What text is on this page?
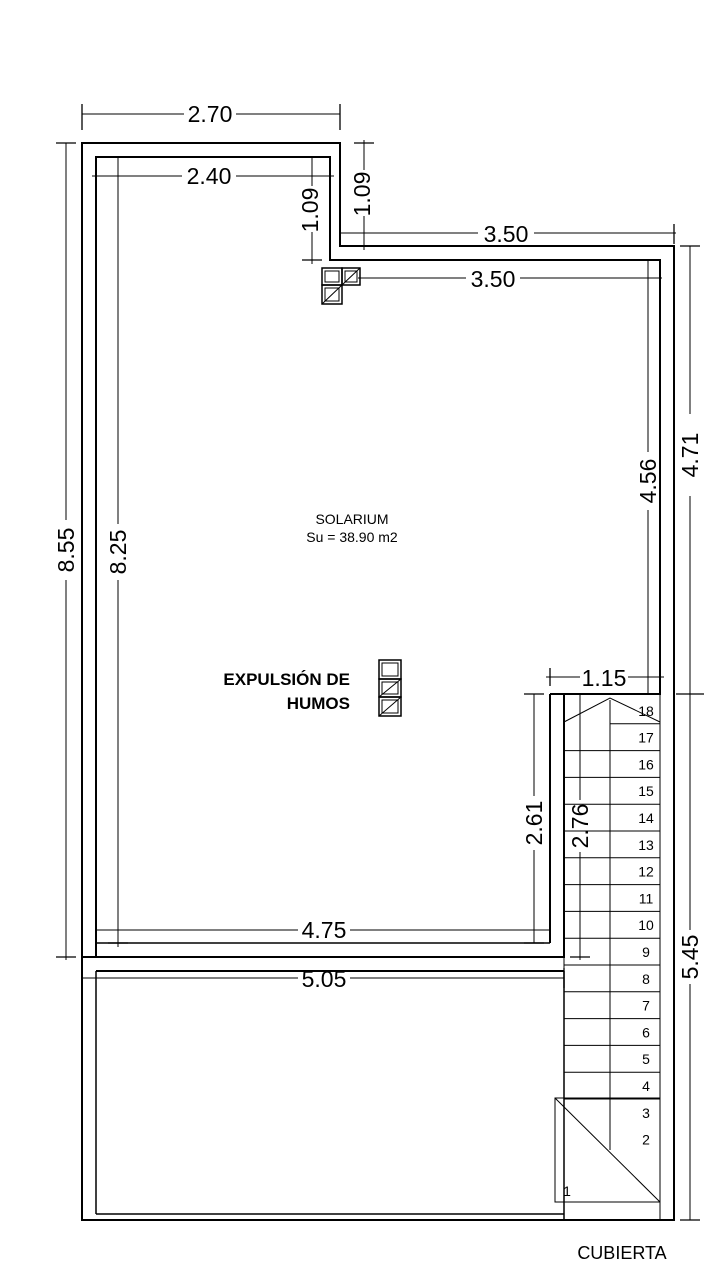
18
17
16
15
14
13
12
11
10
9
8
7
6
5
4
3
2
1
2.70
2.40
1.09 1.09
3.50
3.50
4.56
4.71
5.45
8.55 8.25
1.15
2.61 2.76
4.75
5.05
SOLARIUM
Su = 38.90 m2
EXPULSIÓN DE
HUMOS
CUBIERTA
